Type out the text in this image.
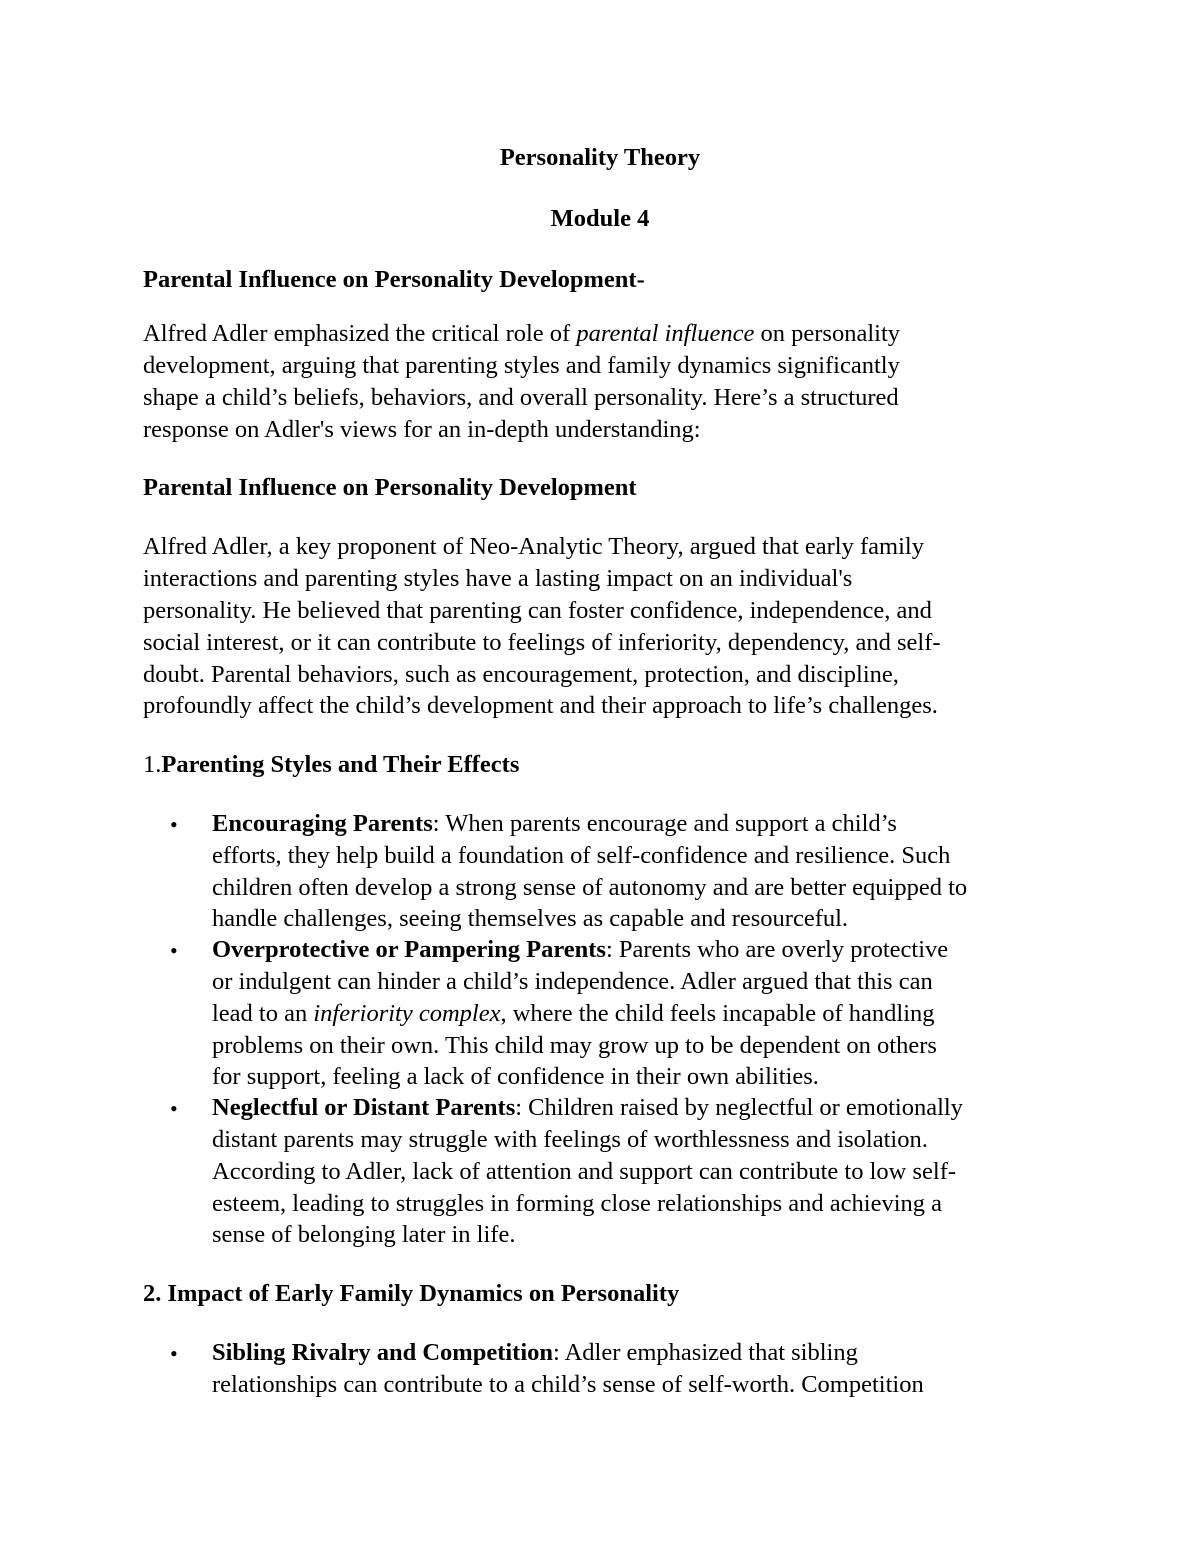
Personality Theory
Module 4
Parental Influence on Personality Development-
Alfred Adler emphasized the critical role of parental influence on personality
development, arguing that parenting styles and family dynamics significantly
shape a child’s beliefs, behaviors, and overall personality. Here’s a structured
response on Adler's views for an in-depth understanding:
Parental Influence on Personality Development
Alfred Adler, a key proponent of Neo-Analytic Theory, argued that early family
interactions and parenting styles have a lasting impact on an individual's
personality. He believed that parenting can foster confidence, independence, and
social interest, or it can contribute to feelings of inferiority, dependency, and self-
doubt. Parental behaviors, such as encouragement, protection, and discipline,
profoundly affect the child’s development and their approach to life’s challenges.
1.Parenting Styles and Their Effects
• Encouraging Parents: When parents encourage and support a child’s
efforts, they help build a foundation of self-confidence and resilience. Such
children often develop a strong sense of autonomy and are better equipped to
handle challenges, seeing themselves as capable and resourceful.
• Overprotective or Pampering Parents: Parents who are overly protective
or indulgent can hinder a child’s independence. Adler argued that this can
lead to an inferiority complex, where the child feels incapable of handling
problems on their own. This child may grow up to be dependent on others
for support, feeling a lack of confidence in their own abilities.
• Neglectful or Distant Parents: Children raised by neglectful or emotionally
distant parents may struggle with feelings of worthlessness and isolation.
According to Adler, lack of attention and support can contribute to low self-
esteem, leading to struggles in forming close relationships and achieving a
sense of belonging later in life.
2. Impact of Early Family Dynamics on Personality
• Sibling Rivalry and Competition: Adler emphasized that sibling
relationships can contribute to a child’s sense of self-worth. Competition
